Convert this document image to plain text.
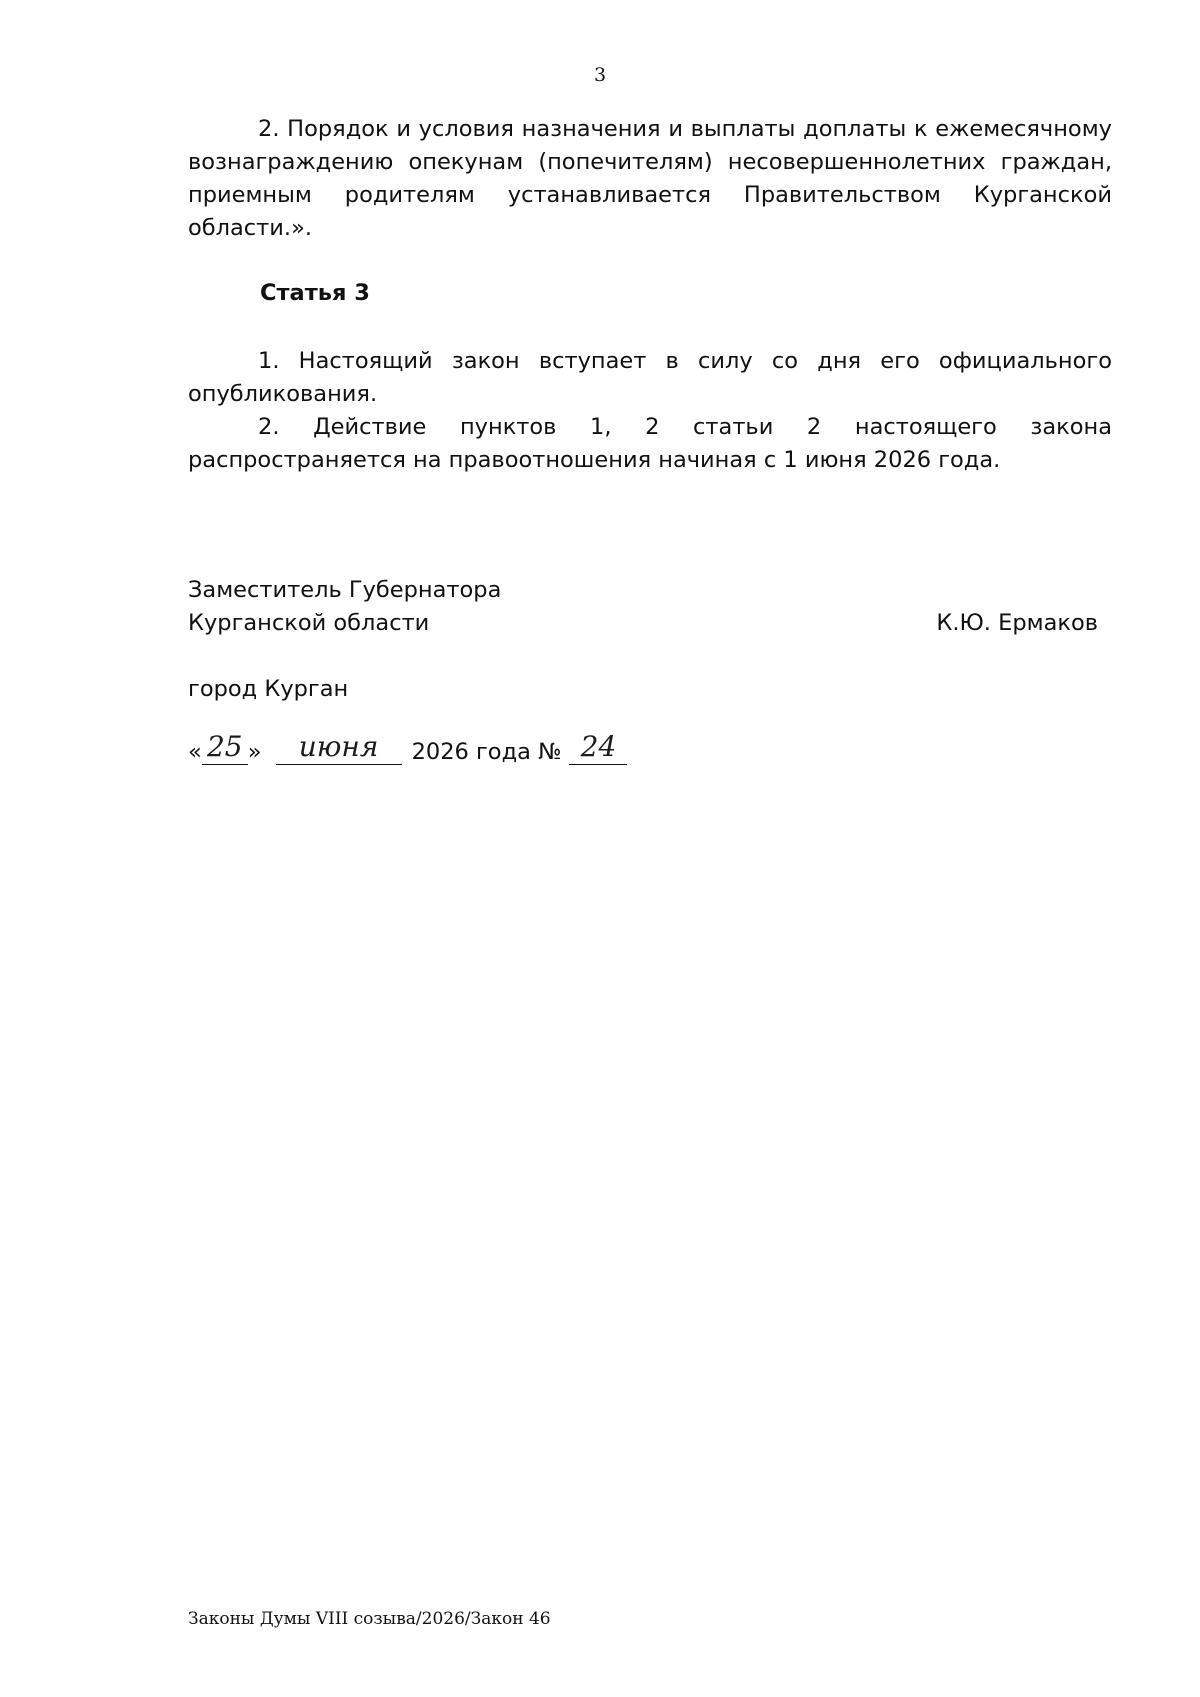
3
2. Порядок и условия назначения и выплаты доплаты к ежемесячному вознаграждению опекунам (попечителям) несовершеннолетних граждан, приемным родителям устанавливается Правительством Курганской области.».
Статья 3
1. Настоящий закон вступает в силу со дня его официального опубликования.
2. Действие пунктов 1, 2 статьи 2 настоящего закона распространяется на правоотношения начиная с 1 июня 2026 года.
Заместитель Губернатора
Курганской области	К.Ю. Ермаков
город Курган
« 25 » июня 2026 года № 24
Законы Думы VIII созыва/2026/Закон 46
